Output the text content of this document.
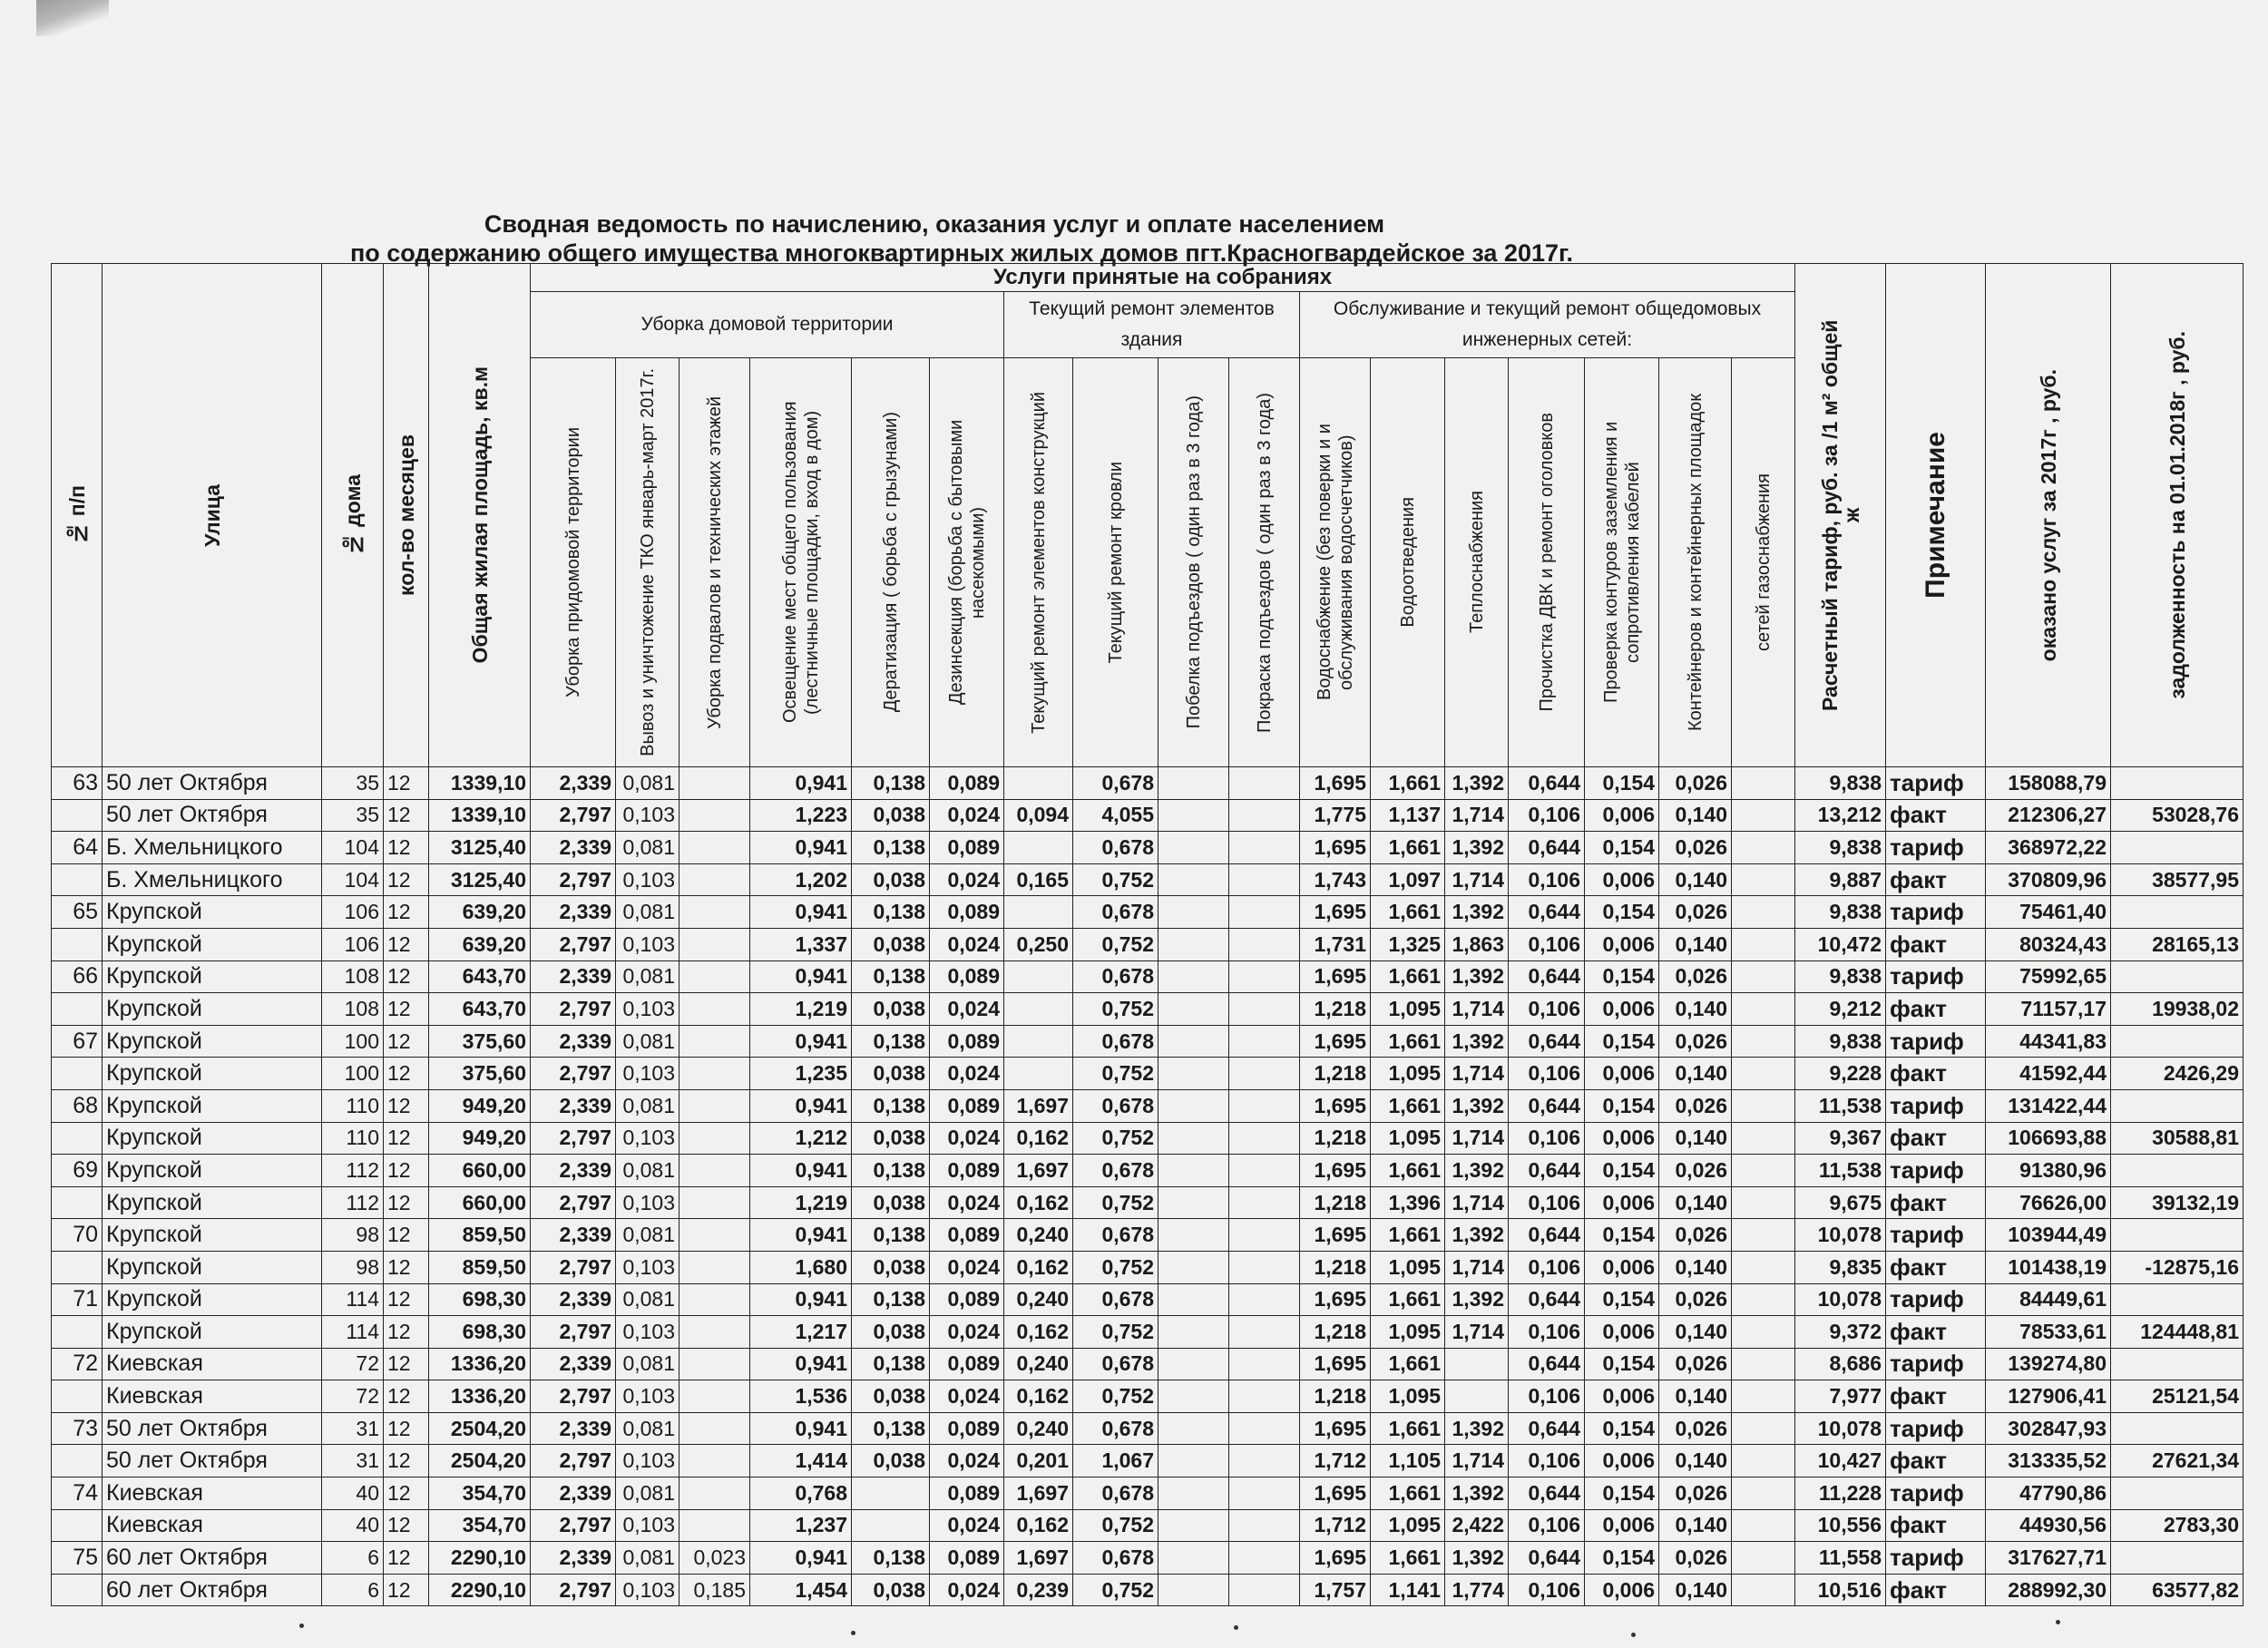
Сводная ведомость по начислению, оказания услуг и оплате населением
по содержанию общего имущества многоквартирных жилых домов пгт.Красногвардейское за 2017г.
№ п/п	Улица	№ дома	кол-во месяцев	Общая жилая площадь, кв.м	Услуги принятые на собраниях																	Расчетный тариф, руб. за /1 м² общей ж	Примечание	оказано услуг за 2017г , руб.	задолженность на 01.01.2018г , руб.

					Уборка домовой территории						Текущий ремонт элементов здания				Обслуживание и текущий ремонт общедомовых инженерных сетей:										

					Уборка придомовой территории	Вывоз и уничтожение ТКО январь-март 2017г.	Уборка подвалов и технических этажей	Освещение мест общего пользования (лестничные площадки, вход в дом)	Дератизация ( борьба с грызунами)	Дезинсекция (борьба с бытовыми насекомыми)	Текущий ремонт элементов конструкций	Текущий ремонт кровли	Побелка подъездов ( один раз в 3 года)	Покраска подъездов ( один раз в 3 года)	Водоснабжение (без поверки и и обслуживания водосчетчиков)	Водоотведения	Теплоснабжения	Прочистка ДВК и ремонт оголовков	Проверка контуров заземления и сопротивления кабелей	Контейнеров и контейнерных площадок	сетей газоснабжения				

63	50 лет Октября	35	12	1339,10	2,339	0,081		0,941	0,138	0,089		0,678			1,695	1,661	1,392	0,644	0,154	0,026		9,838	тариф	158088,79	
	50 лет Октября	35	12	1339,10	2,797	0,103		1,223	0,038	0,024	0,094	4,055			1,775	1,137	1,714	0,106	0,006	0,140		13,212	факт	212306,27	53028,76
64	Б. Хмельницкого	104	12	3125,40	2,339	0,081		0,941	0,138	0,089		0,678			1,695	1,661	1,392	0,644	0,154	0,026		9,838	тариф	368972,22	
	Б. Хмельницкого	104	12	3125,40	2,797	0,103		1,202	0,038	0,024	0,165	0,752			1,743	1,097	1,714	0,106	0,006	0,140		9,887	факт	370809,96	38577,95
65	Крупской	106	12	639,20	2,339	0,081		0,941	0,138	0,089		0,678			1,695	1,661	1,392	0,644	0,154	0,026		9,838	тариф	75461,40	
	Крупской	106	12	639,20	2,797	0,103		1,337	0,038	0,024	0,250	0,752			1,731	1,325	1,863	0,106	0,006	0,140		10,472	факт	80324,43	28165,13
66	Крупской	108	12	643,70	2,339	0,081		0,941	0,138	0,089		0,678			1,695	1,661	1,392	0,644	0,154	0,026		9,838	тариф	75992,65	
	Крупской	108	12	643,70	2,797	0,103		1,219	0,038	0,024		0,752			1,218	1,095	1,714	0,106	0,006	0,140		9,212	факт	71157,17	19938,02
67	Крупской	100	12	375,60	2,339	0,081		0,941	0,138	0,089		0,678			1,695	1,661	1,392	0,644	0,154	0,026		9,838	тариф	44341,83	
	Крупской	100	12	375,60	2,797	0,103		1,235	0,038	0,024		0,752			1,218	1,095	1,714	0,106	0,006	0,140		9,228	факт	41592,44	2426,29
68	Крупской	110	12	949,20	2,339	0,081		0,941	0,138	0,089	1,697	0,678			1,695	1,661	1,392	0,644	0,154	0,026		11,538	тариф	131422,44	
	Крупской	110	12	949,20	2,797	0,103		1,212	0,038	0,024	0,162	0,752			1,218	1,095	1,714	0,106	0,006	0,140		9,367	факт	106693,88	30588,81
69	Крупской	112	12	660,00	2,339	0,081		0,941	0,138	0,089	1,697	0,678			1,695	1,661	1,392	0,644	0,154	0,026		11,538	тариф	91380,96	
	Крупской	112	12	660,00	2,797	0,103		1,219	0,038	0,024	0,162	0,752			1,218	1,396	1,714	0,106	0,006	0,140		9,675	факт	76626,00	39132,19
70	Крупской	98	12	859,50	2,339	0,081		0,941	0,138	0,089	0,240	0,678			1,695	1,661	1,392	0,644	0,154	0,026		10,078	тариф	103944,49	
	Крупской	98	12	859,50	2,797	0,103		1,680	0,038	0,024	0,162	0,752			1,218	1,095	1,714	0,106	0,006	0,140		9,835	факт	101438,19	-12875,16
71	Крупской	114	12	698,30	2,339	0,081		0,941	0,138	0,089	0,240	0,678			1,695	1,661	1,392	0,644	0,154	0,026		10,078	тариф	84449,61	
	Крупской	114	12	698,30	2,797	0,103		1,217	0,038	0,024	0,162	0,752			1,218	1,095	1,714	0,106	0,006	0,140		9,372	факт	78533,61	124448,81
72	Киевская	72	12	1336,20	2,339	0,081		0,941	0,138	0,089	0,240	0,678			1,695	1,661		0,644	0,154	0,026		8,686	тариф	139274,80	
	Киевская	72	12	1336,20	2,797	0,103		1,536	0,038	0,024	0,162	0,752			1,218	1,095		0,106	0,006	0,140		7,977	факт	127906,41	25121,54
73	50 лет Октября	31	12	2504,20	2,339	0,081		0,941	0,138	0,089	0,240	0,678			1,695	1,661	1,392	0,644	0,154	0,026		10,078	тариф	302847,93	
	50 лет Октября	31	12	2504,20	2,797	0,103		1,414	0,038	0,024	0,201	1,067			1,712	1,105	1,714	0,106	0,006	0,140		10,427	факт	313335,52	27621,34
74	Киевская	40	12	354,70	2,339	0,081		0,768		0,089	1,697	0,678			1,695	1,661	1,392	0,644	0,154	0,026		11,228	тариф	47790,86	
	Киевская	40	12	354,70	2,797	0,103		1,237		0,024	0,162	0,752			1,712	1,095	2,422	0,106	0,006	0,140		10,556	факт	44930,56	2783,30
75	60 лет Октября	6	12	2290,10	2,339	0,081	0,023	0,941	0,138	0,089	1,697	0,678			1,695	1,661	1,392	0,644	0,154	0,026		11,558	тариф	317627,71	
	60 лет Октября	6	12	2290,10	2,797	0,103	0,185	1,454	0,038	0,024	0,239	0,752			1,757	1,141	1,774	0,106	0,006	0,140		10,516	факт	288992,30	63577,82
